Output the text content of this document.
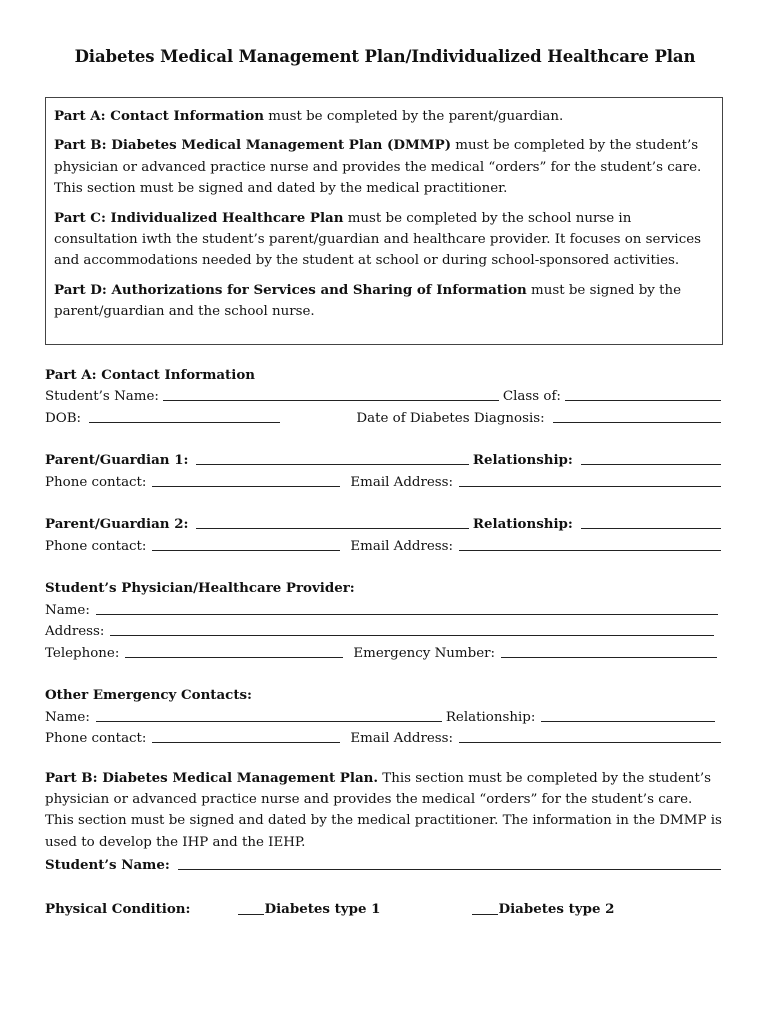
Diabetes Medical Management Plan/Individualized Healthcare Plan

Part A: Contact Information must be completed by the parent/guardian.

Part B: Diabetes Medical Management Plan (DMMP) must be completed by the student’s physician or advanced practice nurse and provides the medical “orders” for the student’s care. This section must be signed and dated by the medical practitioner.

Part C: Individualized Healthcare Plan must be completed by the school nurse in consultation iwth the student’s parent/guardian and healthcare provider. It focuses on services and accommodations needed by the student at school or during school-sponsored activities.

Part D: Authorizations for Services and Sharing of Information must be signed by the parent/guardian and the school nurse.

Part A: Contact Information
Student’s Name:	Class of:
DOB:	Date of Diabetes Diagnosis:
Parent/Guardian 1:	Relationship:
Phone contact:	Email Address:
Parent/Guardian 2:	Relationship:
Phone contact:	Email Address:
Student’s Physician/Healthcare Provider:
Name:
Address:
Telephone:	Emergency Number:
Other Emergency Contacts:
Name:	Relationship:
Phone contact:	Email Address:
Part B: Diabetes Medical Management Plan. This section must be completed by the student’s physician or advanced practice nurse and provides the medical “orders” for the student’s care. This section must be signed and dated by the medical practitioner. The information in the DMMP is used to develop the IHP and the IEHP.
Student’s Name:
Physical Condition:	Diabetes type 1	Diabetes type 2
